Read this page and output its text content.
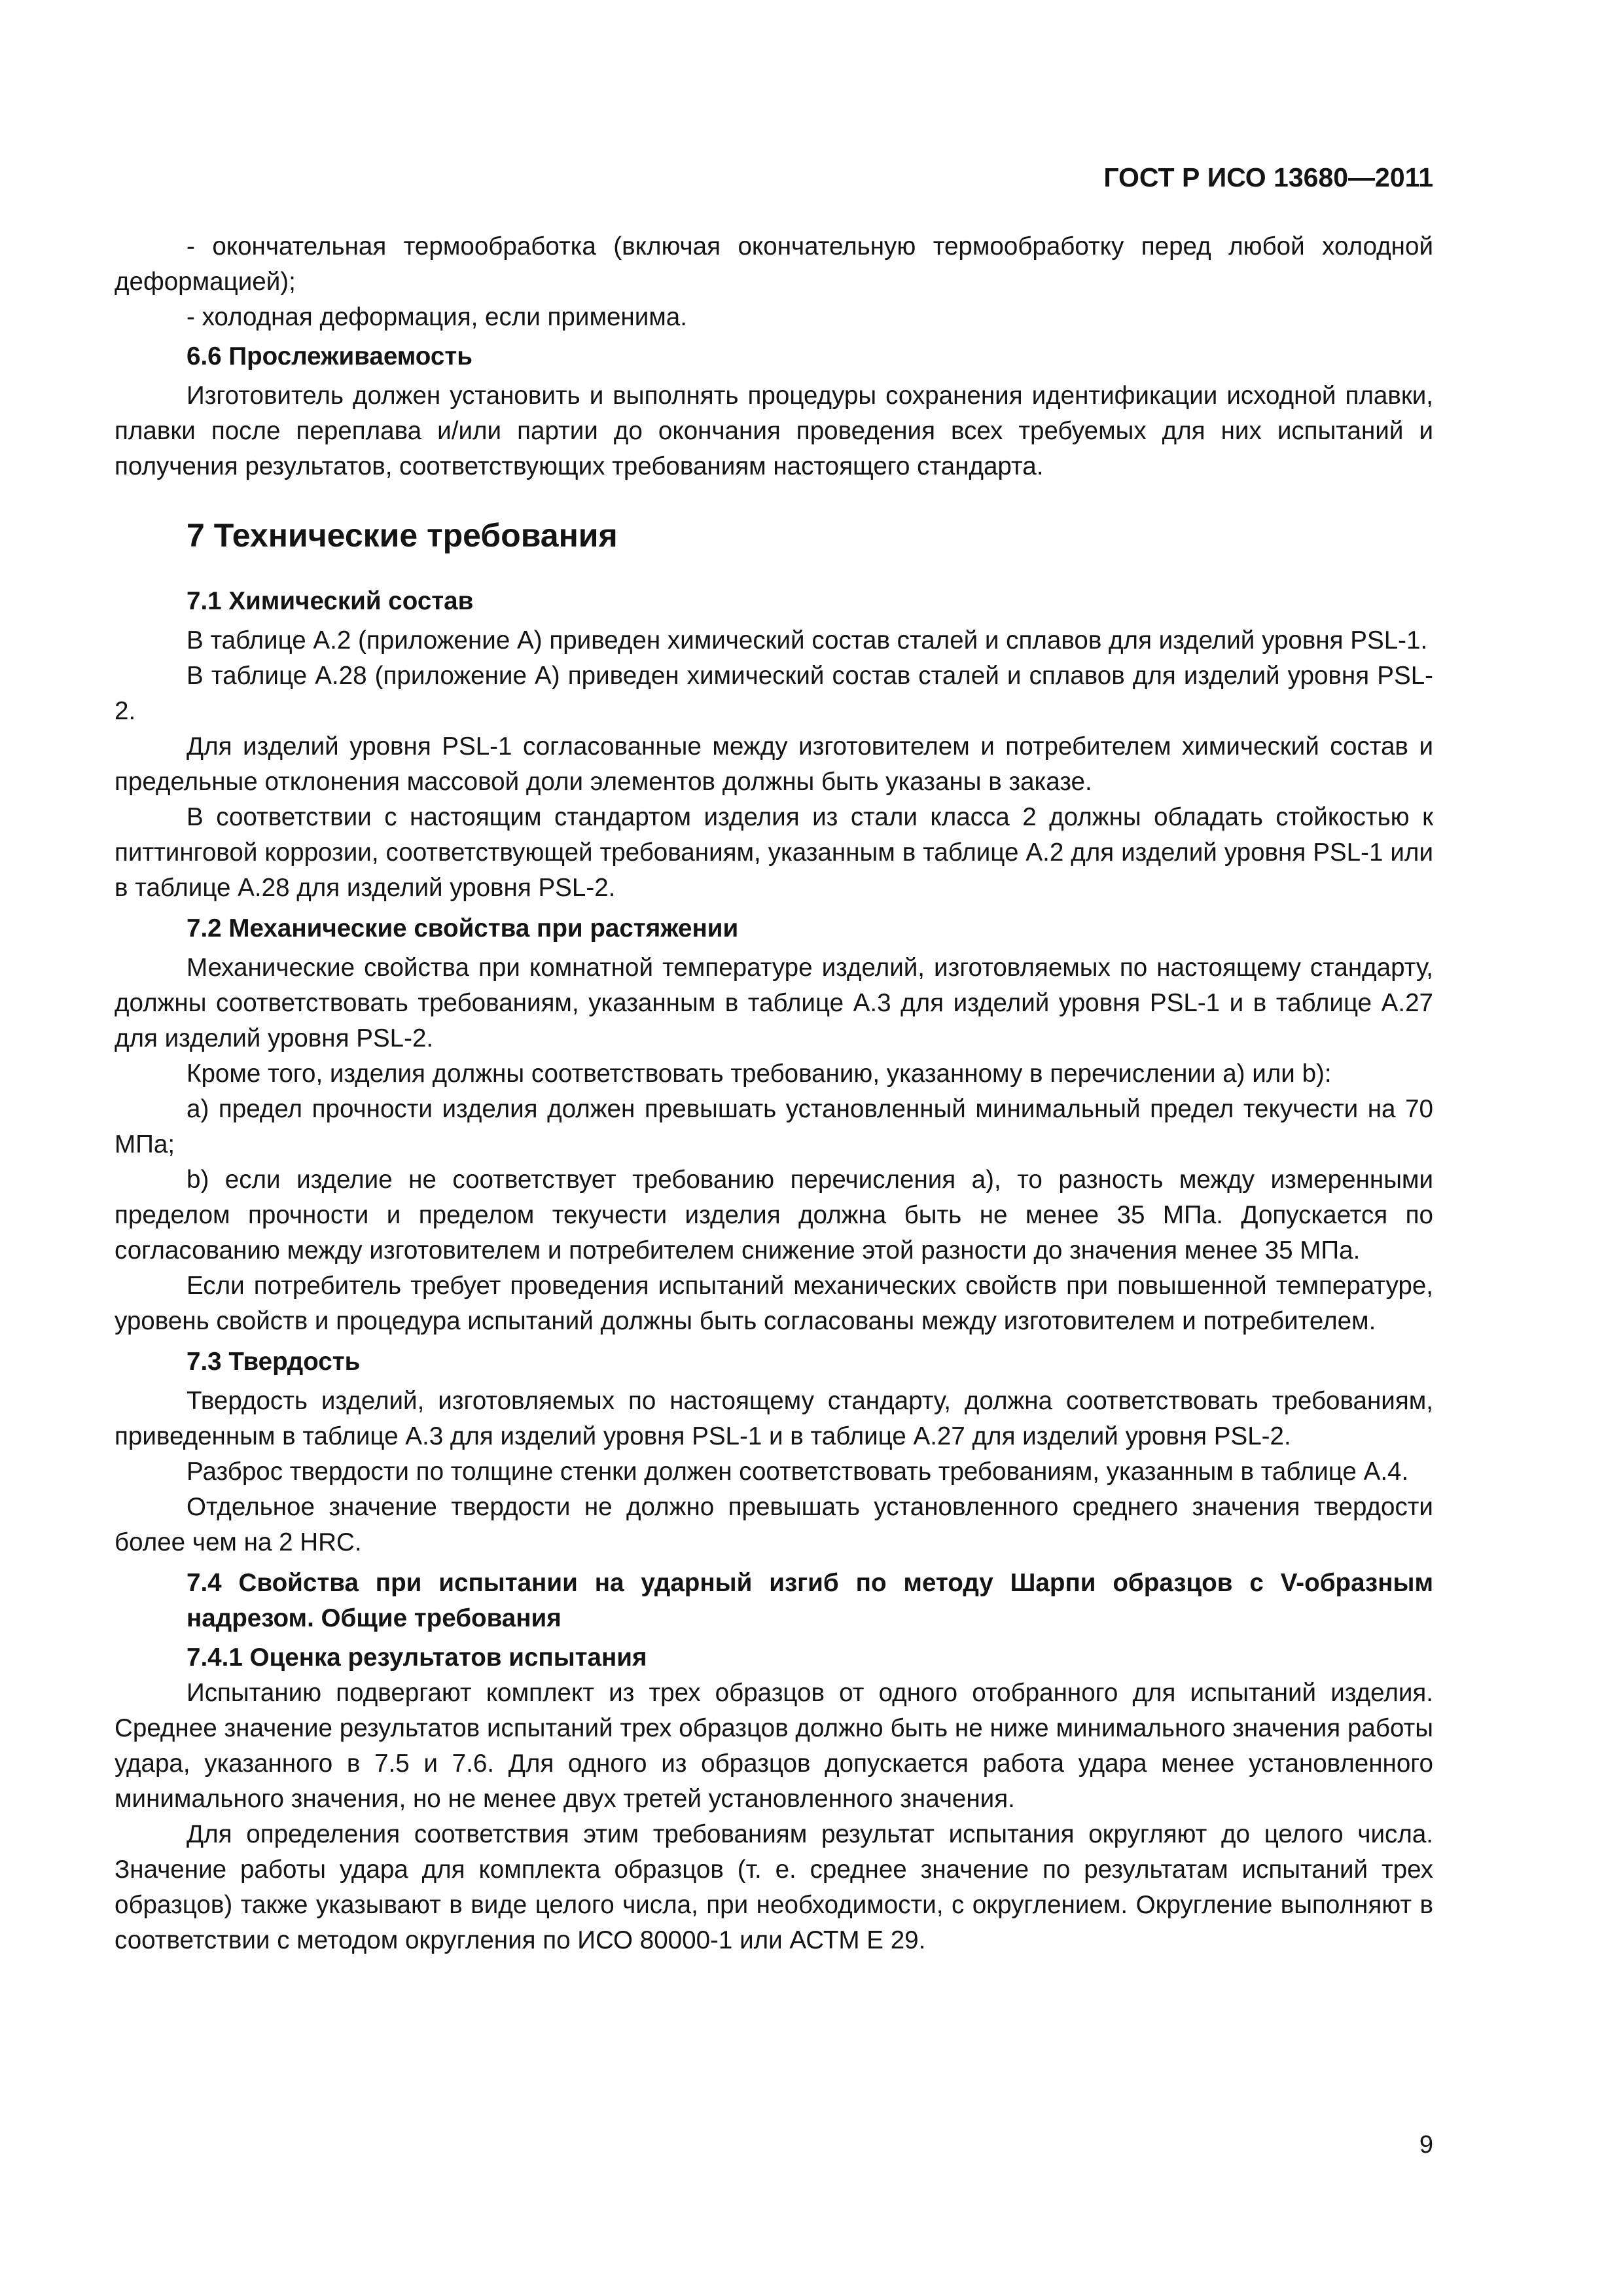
ГОСТ Р ИСО 13680—2011

- окончательная термообработка (включая окончательную термообработку перед любой холодной деформацией);

- холодная деформация, если применима.

6.6 Прослеживаемость

Изготовитель должен установить и выполнять процедуры сохранения идентификации исходной плавки, плавки после переплава и/или партии до окончания проведения всех требуемых для них испытаний и получения результатов, соответствующих требованиям настоящего стандарта.

7 Технические требования
7.1 Химический состав

В таблице А.2 (приложение А) приведен химический состав сталей и сплавов для изделий уровня PSL-1.

В таблице А.28 (приложение А) приведен химический состав сталей и сплавов для изделий уровня PSL-2.

Для изделий уровня PSL-1 согласованные между изготовителем и потребителем химический состав и предельные отклонения массовой доли элементов должны быть указаны в заказе.

В соответствии с настоящим стандартом изделия из стали класса 2 должны обладать стойкостью к питтинговой коррозии, соответствующей требованиям, указанным в таблице А.2 для изделий уровня PSL-1 или в таблице А.28 для изделий уровня PSL-2.

7.2 Механические свойства при растяжении

Механические свойства при комнатной температуре изделий, изготовляемых по настоящему стандарту, должны соответствовать требованиям, указанным в таблице А.3 для изделий уровня PSL-1 и в таблице А.27 для изделий уровня PSL-2.

Кроме того, изделия должны соответствовать требованию, указанному в перечислении а) или b):

а) предел прочности изделия должен превышать установленный минимальный предел текучести на 70 МПа;

b) если изделие не соответствует требованию перечисления а), то разность между измеренными пределом прочности и пределом текучести изделия должна быть не менее 35 МПа. Допускается по согласованию между изготовителем и потребителем снижение этой разности до значения менее 35 МПа.

Если потребитель требует проведения испытаний механических свойств при повышенной температуре, уровень свойств и процедура испытаний должны быть согласованы между изготовителем и потребителем.

7.3 Твердость

Твердость изделий, изготовляемых по настоящему стандарту, должна соответствовать требованиям, приведенным в таблице А.3 для изделий уровня PSL-1 и в таблице А.27 для изделий уровня PSL-2.

Разброс твердости по толщине стенки должен соответствовать требованиям, указанным в таблице А.4.

Отдельное значение твердости не должно превышать установленного среднего значения твердости более чем на 2 HRC.

7.4 Свойства при испытании на ударный изгиб по методу Шарпи образцов с V-образным надрезом. Общие требования
7.4.1 Оценка результатов испытания

Испытанию подвергают комплект из трех образцов от одного отобранного для испытаний изделия. Среднее значение результатов испытаний трех образцов должно быть не ниже минимального значения работы удара, указанного в 7.5 и 7.6. Для одного из образцов допускается работа удара менее установленного минимального значения, но не менее двух третей установленного значения.

Для определения соответствия этим требованиям результат испытания округляют до целого числа. Значение работы удара для комплекта образцов (т. е. среднее значение по результатам испытаний трех образцов) также указывают в виде целого числа, при необходимости, с округлением. Округление выполняют в соответствии с методом округления по ИСО 80000-1 или АСТМ Е 29.

9
